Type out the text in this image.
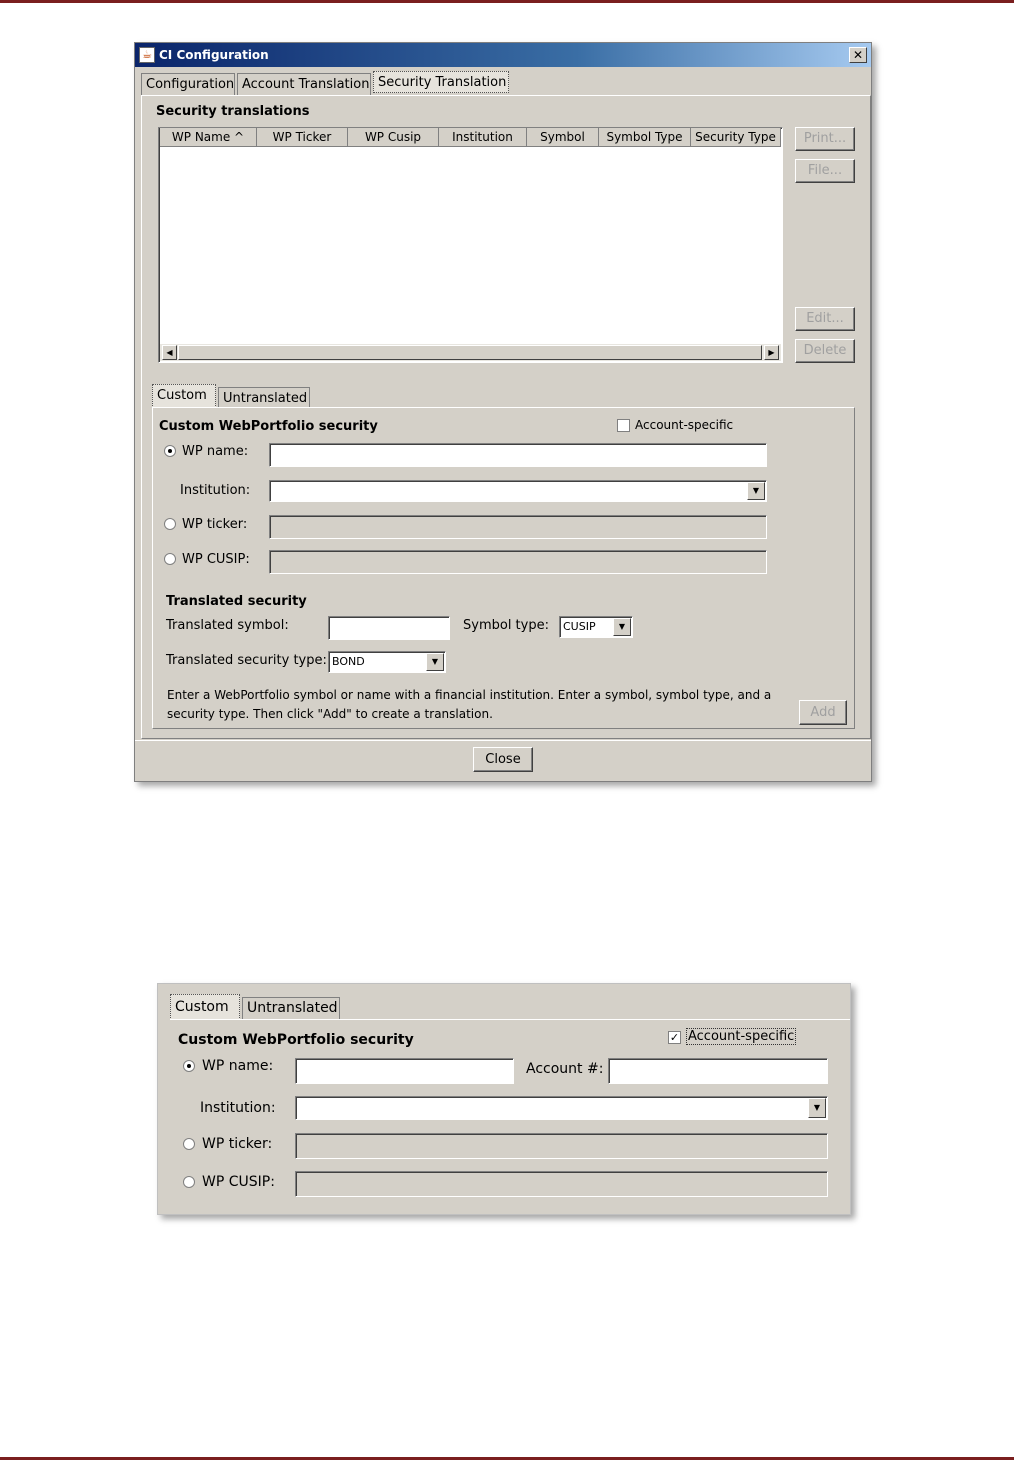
☕ CI Configuration	✕
Configuration Account Translation Security Translation
Security translations
WP Name ^	WP Ticker	WP Cusip	Institution	Symbol	Symbol Type	Security Type
◀	▶
Print...
File...
Edit...
Delete
Custom	Untranslated
Custom WebPortfolio security	Account-specific
WP name:
Institution:	▼
WP ticker:
WP CUSIP:
Translated security
Translated symbol:	Symbol type: CUSIP	▼
Translated security type: BOND	▼
Enter a WebPortfolio symbol or name with a financial institution. Enter a symbol, symbol type, and a
security type. Then click "Add" to create a translation.	Add
Close
Custom	Untranslated
Custom WebPortfolio security	✓ Account-specific
WP name:	Account #:
Institution:	▼
WP ticker:
WP CUSIP:
